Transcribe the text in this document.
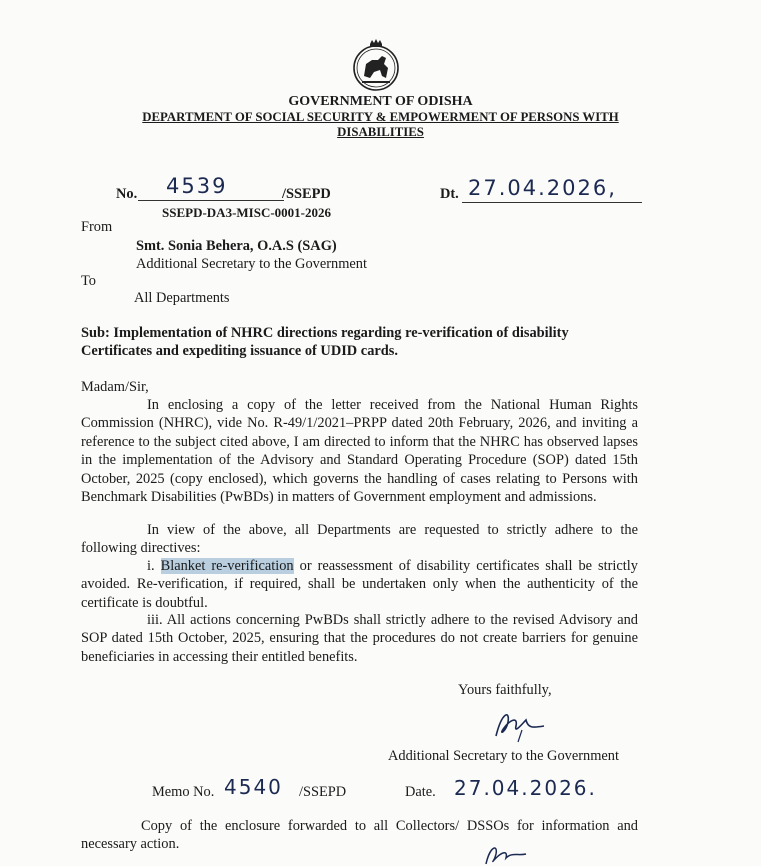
GOVERNMENT OF ODISHA
DEPARTMENT OF SOCIAL SECURITY & EMPOWERMENT OF PERSONS WITH
DISABILITIES
No. 4539	/SSEPD
SSEPD-DA3-MISC-0001-2026
Dt. 27.04.2026,
From
Smt. Sonia Behera, O.A.S (SAG)
Additional Secretary to the Government
To
All Departments
Sub: Implementation of NHRC directions regarding re-verification of disability
Certificates and expediting issuance of UDID cards.
Madam/Sir,
In enclosing a copy of the letter received from the National Human Rights Commission (NHRC), vide No. R-49/1/2021–PRPP dated 20th February, 2026, and inviting a reference to the subject cited above, I am directed to inform that the NHRC has observed lapses in the implementation of the Advisory and Standard Operating Procedure (SOP) dated 15th October, 2025 (copy enclosed), which governs the handling of cases relating to Persons with Benchmark Disabilities (PwBDs) in matters of Government employment and admissions.
In view of the above, all Departments are requested to strictly adhere to the following directives:
i. Blanket re-verification or reassessment of disability certificates shall be strictly avoided. Re-verification, if required, shall be undertaken only when the authenticity of the certificate is doubtful.
iii. All actions concerning PwBDs shall strictly adhere to the revised Advisory and SOP dated 15th October, 2025, ensuring that the procedures do not create barriers for genuine beneficiaries in accessing their entitled benefits.
Yours faithfully,
Additional Secretary to the Government
Memo No. 4540 /SSEPD	Date. 27.04.2026.
Copy of the enclosure forwarded to all Collectors/ DSSOs for information and necessary action.
